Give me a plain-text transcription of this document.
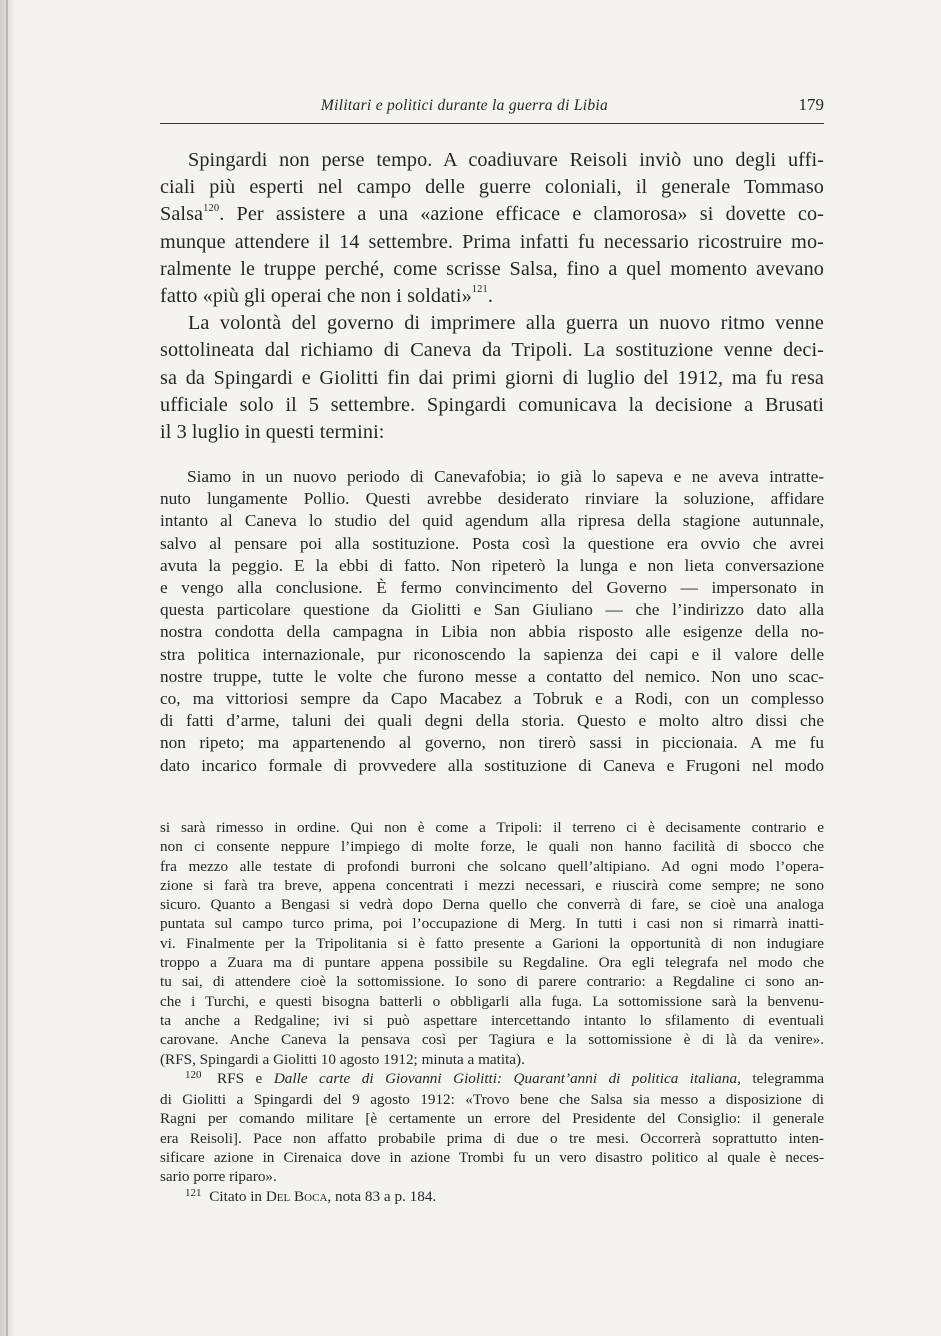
Militari e politici durante la guerra di Libia	179
Spingardi non perse tempo. A coadiuvare Reisoli inviò uno degli uffi-
ciali più esperti nel campo delle guerre coloniali, il generale Tommaso
Salsa$^{120}$. Per assistere a una «azione efficace e clamorosa» si dovette co-
munque attendere il 14 settembre. Prima infatti fu necessario ricostruire mo-
ralmente le truppe perché, come scrisse Salsa, fino a quel momento avevano
fatto «più gli operai che non i soldati»$^{121}$.
La volontà del governo di imprimere alla guerra un nuovo ritmo venne
sottolineata dal richiamo di Caneva da Tripoli. La sostituzione venne deci-
sa da Spingardi e Giolitti fin dai primi giorni di luglio del 1912, ma fu resa
ufficiale solo il 5 settembre. Spingardi comunicava la decisione a Brusati
il 3 luglio in questi termini:
Siamo in un nuovo periodo di Canevafobia; io già lo sapeva e ne aveva intratte-
nuto lungamente Pollio. Questi avrebbe desiderato rinviare la soluzione, affidare
intanto al Caneva lo studio del quid agendum alla ripresa della stagione autunnale,
salvo al pensare poi alla sostituzione. Posta così la questione era ovvio che avrei
avuta la peggio. E la ebbi di fatto. Non ripeterò la lunga e non lieta conversazione
e vengo alla conclusione. È fermo convincimento del Governo — impersonato in
questa particolare questione da Giolitti e San Giuliano — che l’indirizzo dato alla
nostra condotta della campagna in Libia non abbia risposto alle esigenze della no-
stra politica internazionale, pur riconoscendo la sapienza dei capi e il valore delle
nostre truppe, tutte le volte che furono messe a contatto del nemico. Non uno scac-
co, ma vittoriosi sempre da Capo Macabez a Tobruk e a Rodi, con un complesso
di fatti d’arme, taluni dei quali degni della storia. Questo e molto altro dissi che
non ripeto; ma appartenendo al governo, non tirerò sassi in piccionaia. A me fu
dato incarico formale di provvedere alla sostituzione di Caneva e Frugoni nel modo
si sarà rimesso in ordine. Qui non è come a Tripoli: il terreno ci è decisamente contrario e
non ci consente neppure l’impiego di molte forze, le quali non hanno facilità di sbocco che
fra mezzo alle testate di profondi burroni che solcano quell’altipiano. Ad ogni modo l’opera-
zione si farà tra breve, appena concentrati i mezzi necessari, e riuscirà come sempre; ne sono
sicuro. Quanto a Bengasi si vedrà dopo Derna quello che converrà di fare, se cioè una analoga
puntata sul campo turco prima, poi l’occupazione di Merg. In tutti i casi non si rimarrà inatti-
vi. Finalmente per la Tripolitania si è fatto presente a Garioni la opportunità di non indugiare
troppo a Zuara ma di puntare appena possibile su Regdaline. Ora egli telegrafa nel modo che
tu sai, di attendere cioè la sottomissione. Io sono di parere contrario: a Regdaline ci sono an-
che i Turchi, e questi bisogna batterli o obbligarli alla fuga. La sottomissione sarà la benvenu-
ta anche a Redgaline; ivi si può aspettare intercettando intanto lo sfilamento di eventuali
carovane. Anche Caneva la pensava così per Tagiura e la sottomissione è di là da venire».
(RFS, Spingardi a Giolitti 10 agosto 1912; minuta a matita).
$^{120}$ RFS e Dalle carte di Giovanni Giolitti: Quarant’anni di politica italiana, telegramma
di Giolitti a Spingardi del 9 agosto 1912: «Trovo bene che Salsa sia messo a disposizione di
Ragni per comando militare [è certamente un errore del Presidente del Consiglio: il generale
era Reisoli]. Pace non affatto probabile prima di due o tre mesi. Occorrerà soprattutto inten-
sificare azione in Cirenaica dove in azione Trombi fu un vero disastro politico al quale è neces-
sario porre riparo».
$^{121}$ Citato in Del Boca, nota 83 a p. 184.
